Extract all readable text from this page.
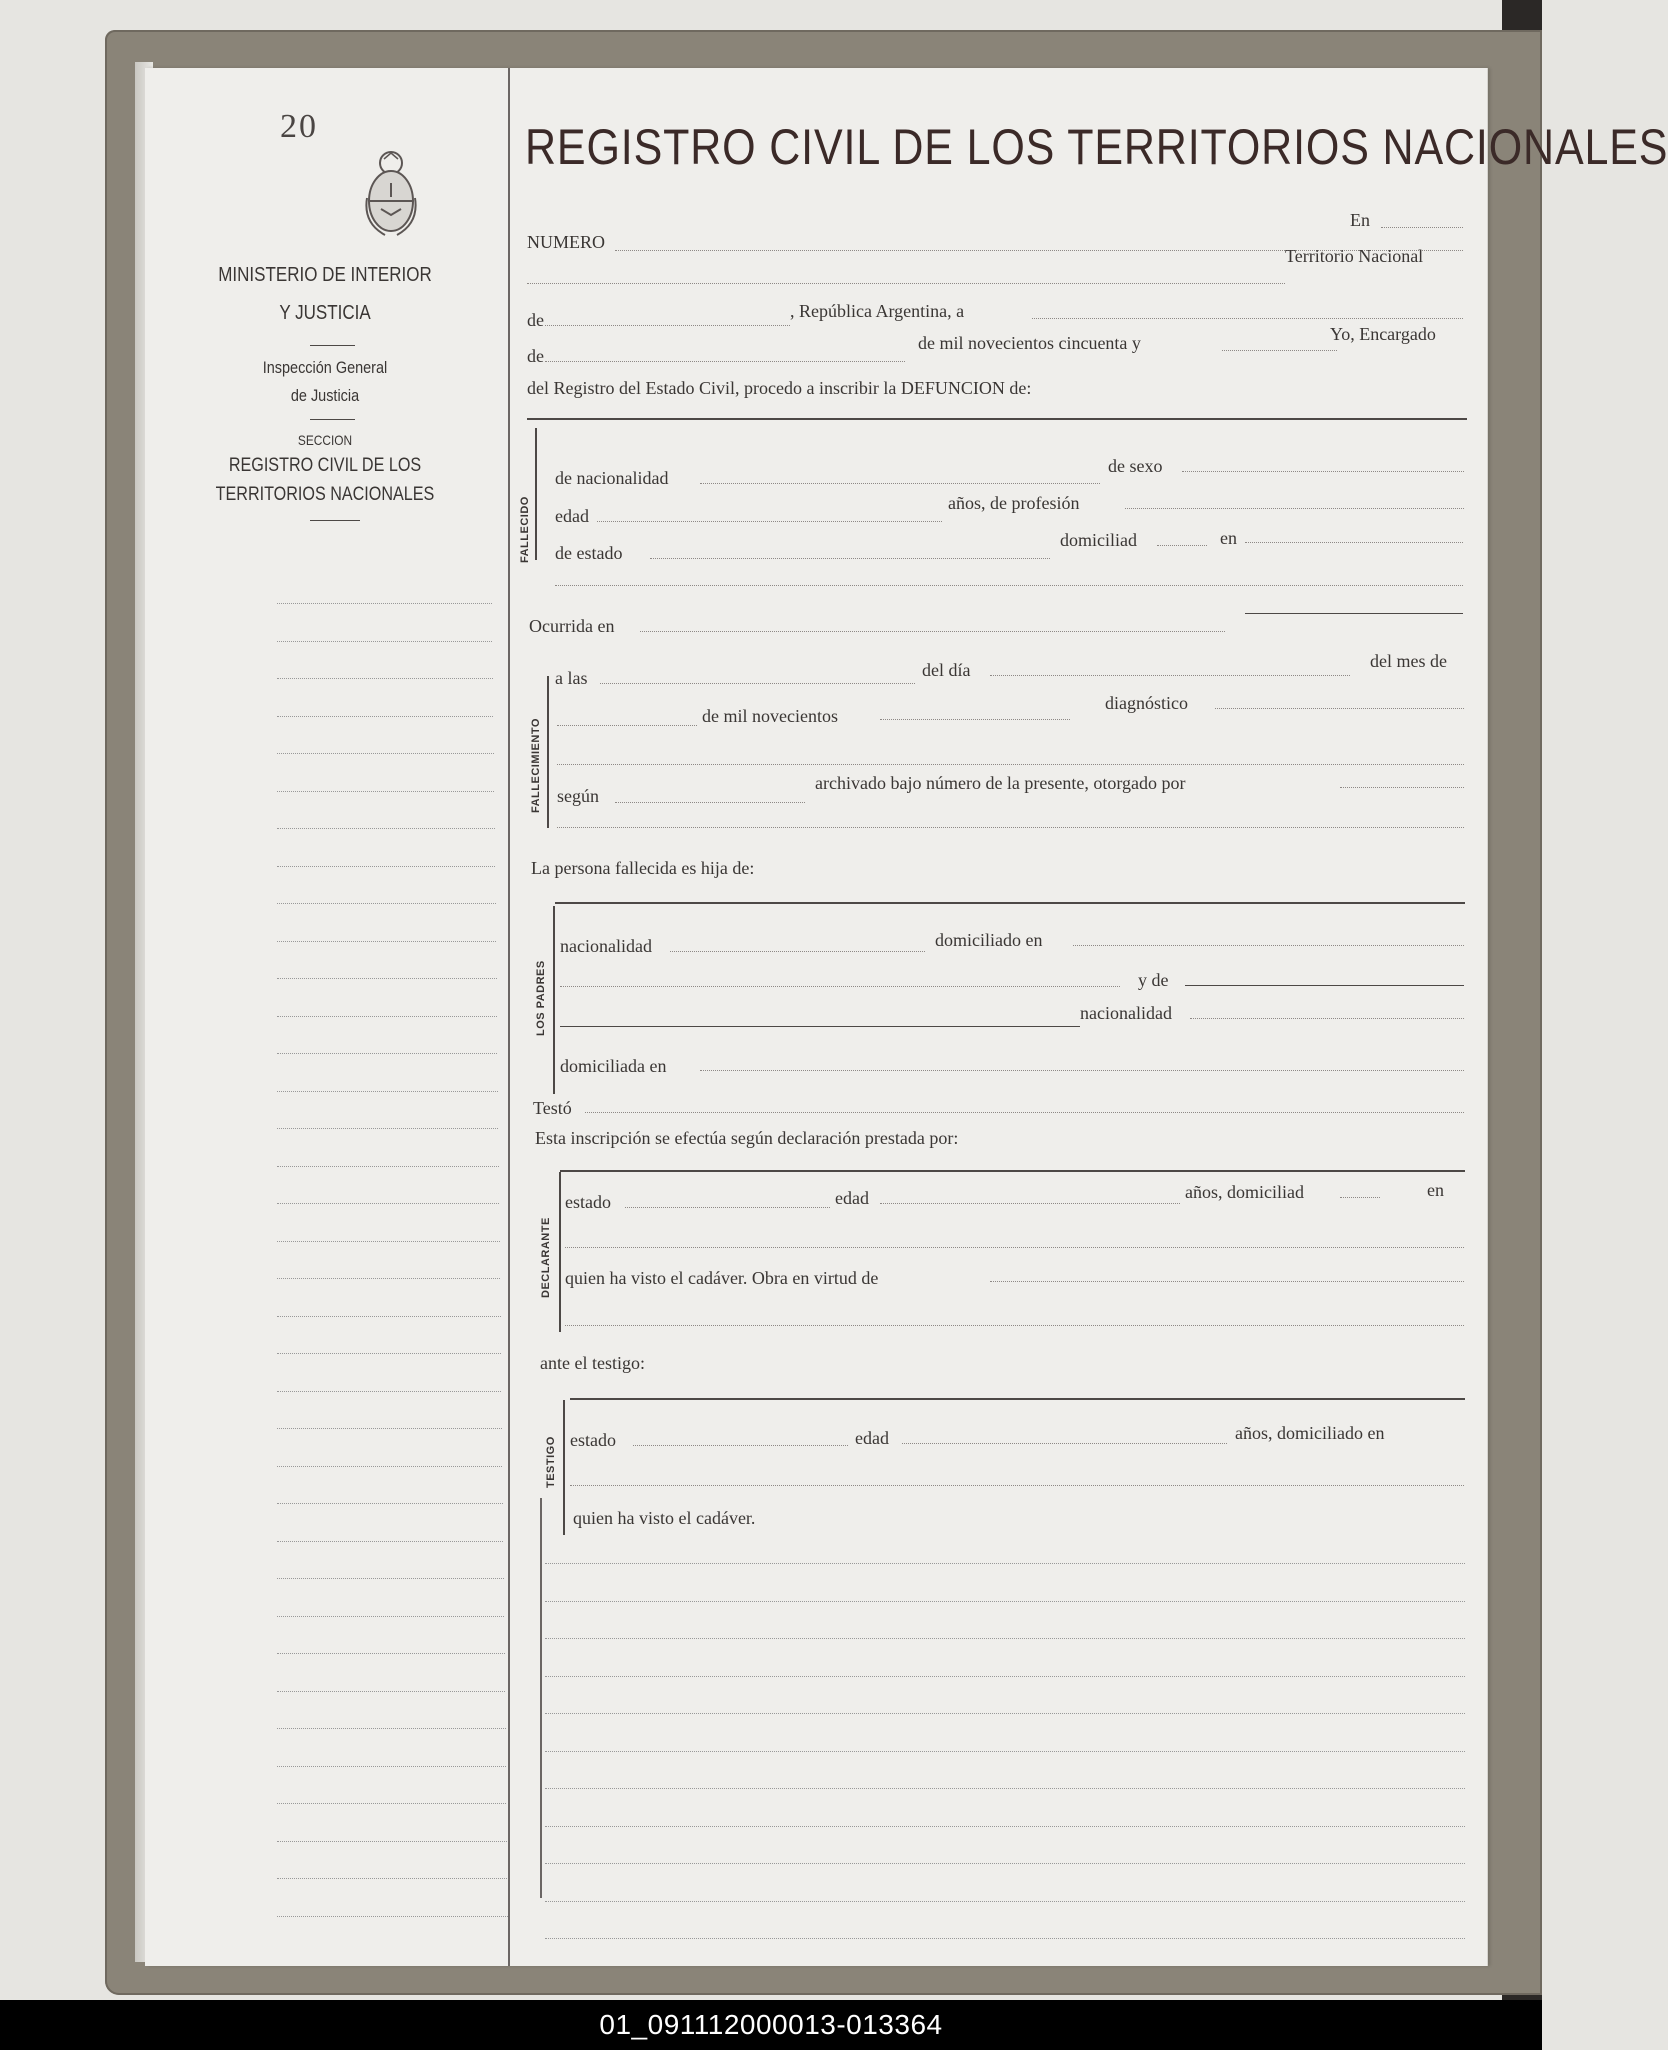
20
MINISTERIO DE INTERIOR
Y JUSTICIA
Inspección General
de Justicia
SECCION
REGISTRO CIVIL DE LOS
TERRITORIOS NACIONALES
REGISTRO CIVIL DE LOS TERRITORIOS NACIONALES
En
NUMERO
Territorio Nacional
de	, República Argentina, a
de
de mil novecientos cincuenta y	Yo, Encargado
del Registro del Estado Civil, procedo a inscribir la DEFUNCION de:
FALLECIDO
de nacionalidad
de sexo
edad
años, de profesión
de estado
domiciliad	en
Ocurrida en
FALLECIMIENTO
a las	del día	del mes de
de mil novecientos
diagnóstico
según
archivado bajo número de la presente, otorgado por
La persona fallecida es hija de:
LOS PADRES
nacionalidad	domiciliado en
y de
nacionalidad
domiciliada en
Testó
Esta inscripción se efectúa según declaración prestada por:
DECLARANTE
estado	edad	años, domiciliad	en
quien ha visto el cadáver. Obra en virtud de
ante el testigo:
TESTIGO estado	edad	años, domiciliado en
quien ha visto el cadáver.
01_091112000013-013364
